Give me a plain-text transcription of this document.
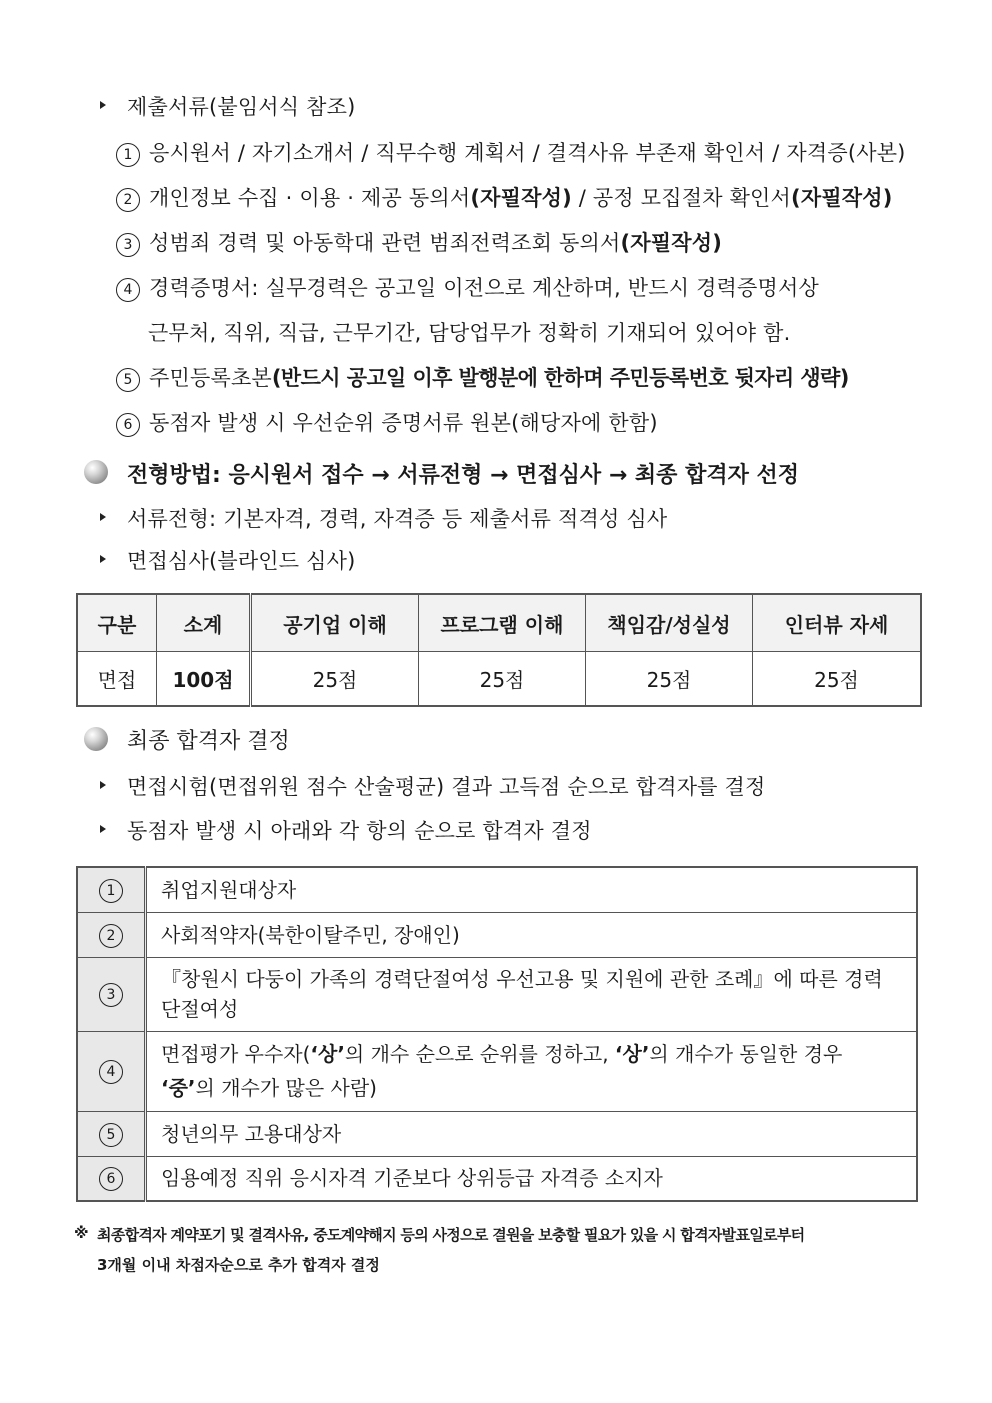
제출서류(붙임서식 참조)
1 응시원서 / 자기소개서 / 직무수행 계획서 / 결격사유 부존재 확인서 / 자격증(사본)
2 개인정보 수집 · 이용 · 제공 동의서(자필작성) / 공정 모집절차 확인서(자필작성)
3 성범죄 경력 및 아동학대 관련 범죄전력조회 동의서(자필작성)
4 경력증명서: 실무경력은 공고일 이전으로 계산하며, 반드시 경력증명서상
근무처, 직위, 직급, 근무기간, 담당업무가 정확히 기재되어 있어야 함.
5 주민등록초본(반드시 공고일 이후 발행분에 한하며 주민등록번호 뒷자리 생략)
6 동점자 발생 시 우선순위 증명서류 원본(해당자에 한함)
전형방법: 응시원서 접수 → 서류전형 → 면접심사 → 최종 합격자 선정
서류전형: 기본자격, 경력, 자격증 등 제출서류 적격성 심사
면접심사(블라인드 심사)
구분	소계	공기업 이해	프로그램 이해	책임감/성실성	인터뷰 자세
면접	100점	25점	25점	25점	25점
최종 합격자 결정
면접시험(면접위원 점수 산술평균) 결과 고득점 순으로 합격자를 결정
동점자 발생 시 아래와 각 항의 순으로 합격자 결정
1	취업지원대상자
2	사회적약자(북한이탈주민, 장애인)
3	『창원시 다둥이 가족의 경력단절여성 우선고용 및 지원에 관한 조례』에 따른 경력단절여성
4	면접평가 우수자(‘상’의 개수 순으로 순위를 정하고, ‘상’의 개수가 동일한 경우 ‘중’의 개수가 많은 사람)
5	청년의무 고용대상자
6	임용예정 직위 응시자격 기준보다 상위등급 자격증 소지자
※ 최종합격자 계약포기 및 결격사유, 중도계약해지 등의 사정으로 결원을 보충할 필요가 있을 시 합격자발표일로부터
3개월 이내 차점자순으로 추가 합격자 결정
